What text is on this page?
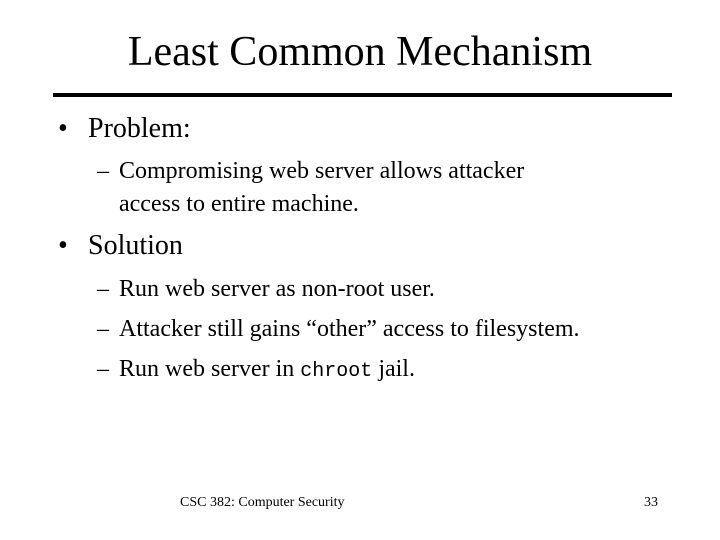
Least Common Mechanism
• Problem:
– Compromising web server allows attacker
access to entire machine.
• Solution
– Run web server as non-root user.
– Attacker still gains “other” access to filesystem.
– Run web server in chroot jail.
CSC 382: Computer Security	33
